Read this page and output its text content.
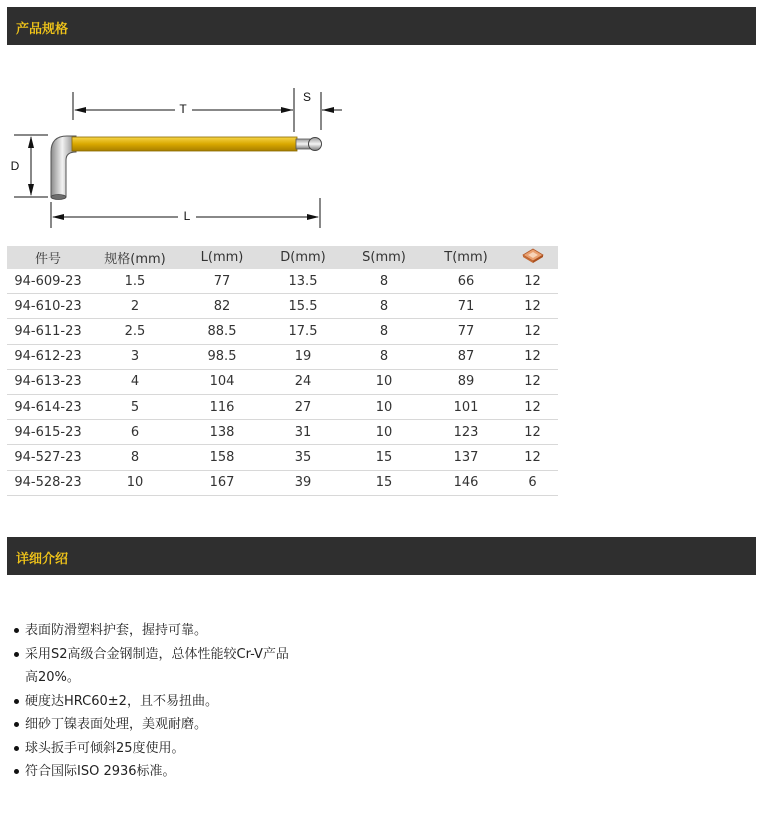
产品规格
T
S
D
L
件号	规格(mm)	L(mm)	D(mm)	S(mm)	T(mm)	
94-609-23	1.5	77	13.5	8	66	12
94-610-23	2	82	15.5	8	71	12
94-611-23	2.5	88.5	17.5	8	77	12
94-612-23	3	98.5	19	8	87	12
94-613-23	4	104	24	10	89	12
94-614-23	5	116	27	10	101	12
94-615-23	6	138	31	10	123	12
94-527-23	8	158	35	15	137	12
94-528-23	10	167	39	15	146	6
详细介绍
表面防滑塑料护套，握持可靠。
采用S2高级合金钢制造，总体性能较Cr-V产品
高20%。
硬度达HRC60±2，且不易扭曲。
细砂丁镍表面处理，美观耐磨。
球头扳手可倾斜25度使用。
符合国际ISO 2936标准。
